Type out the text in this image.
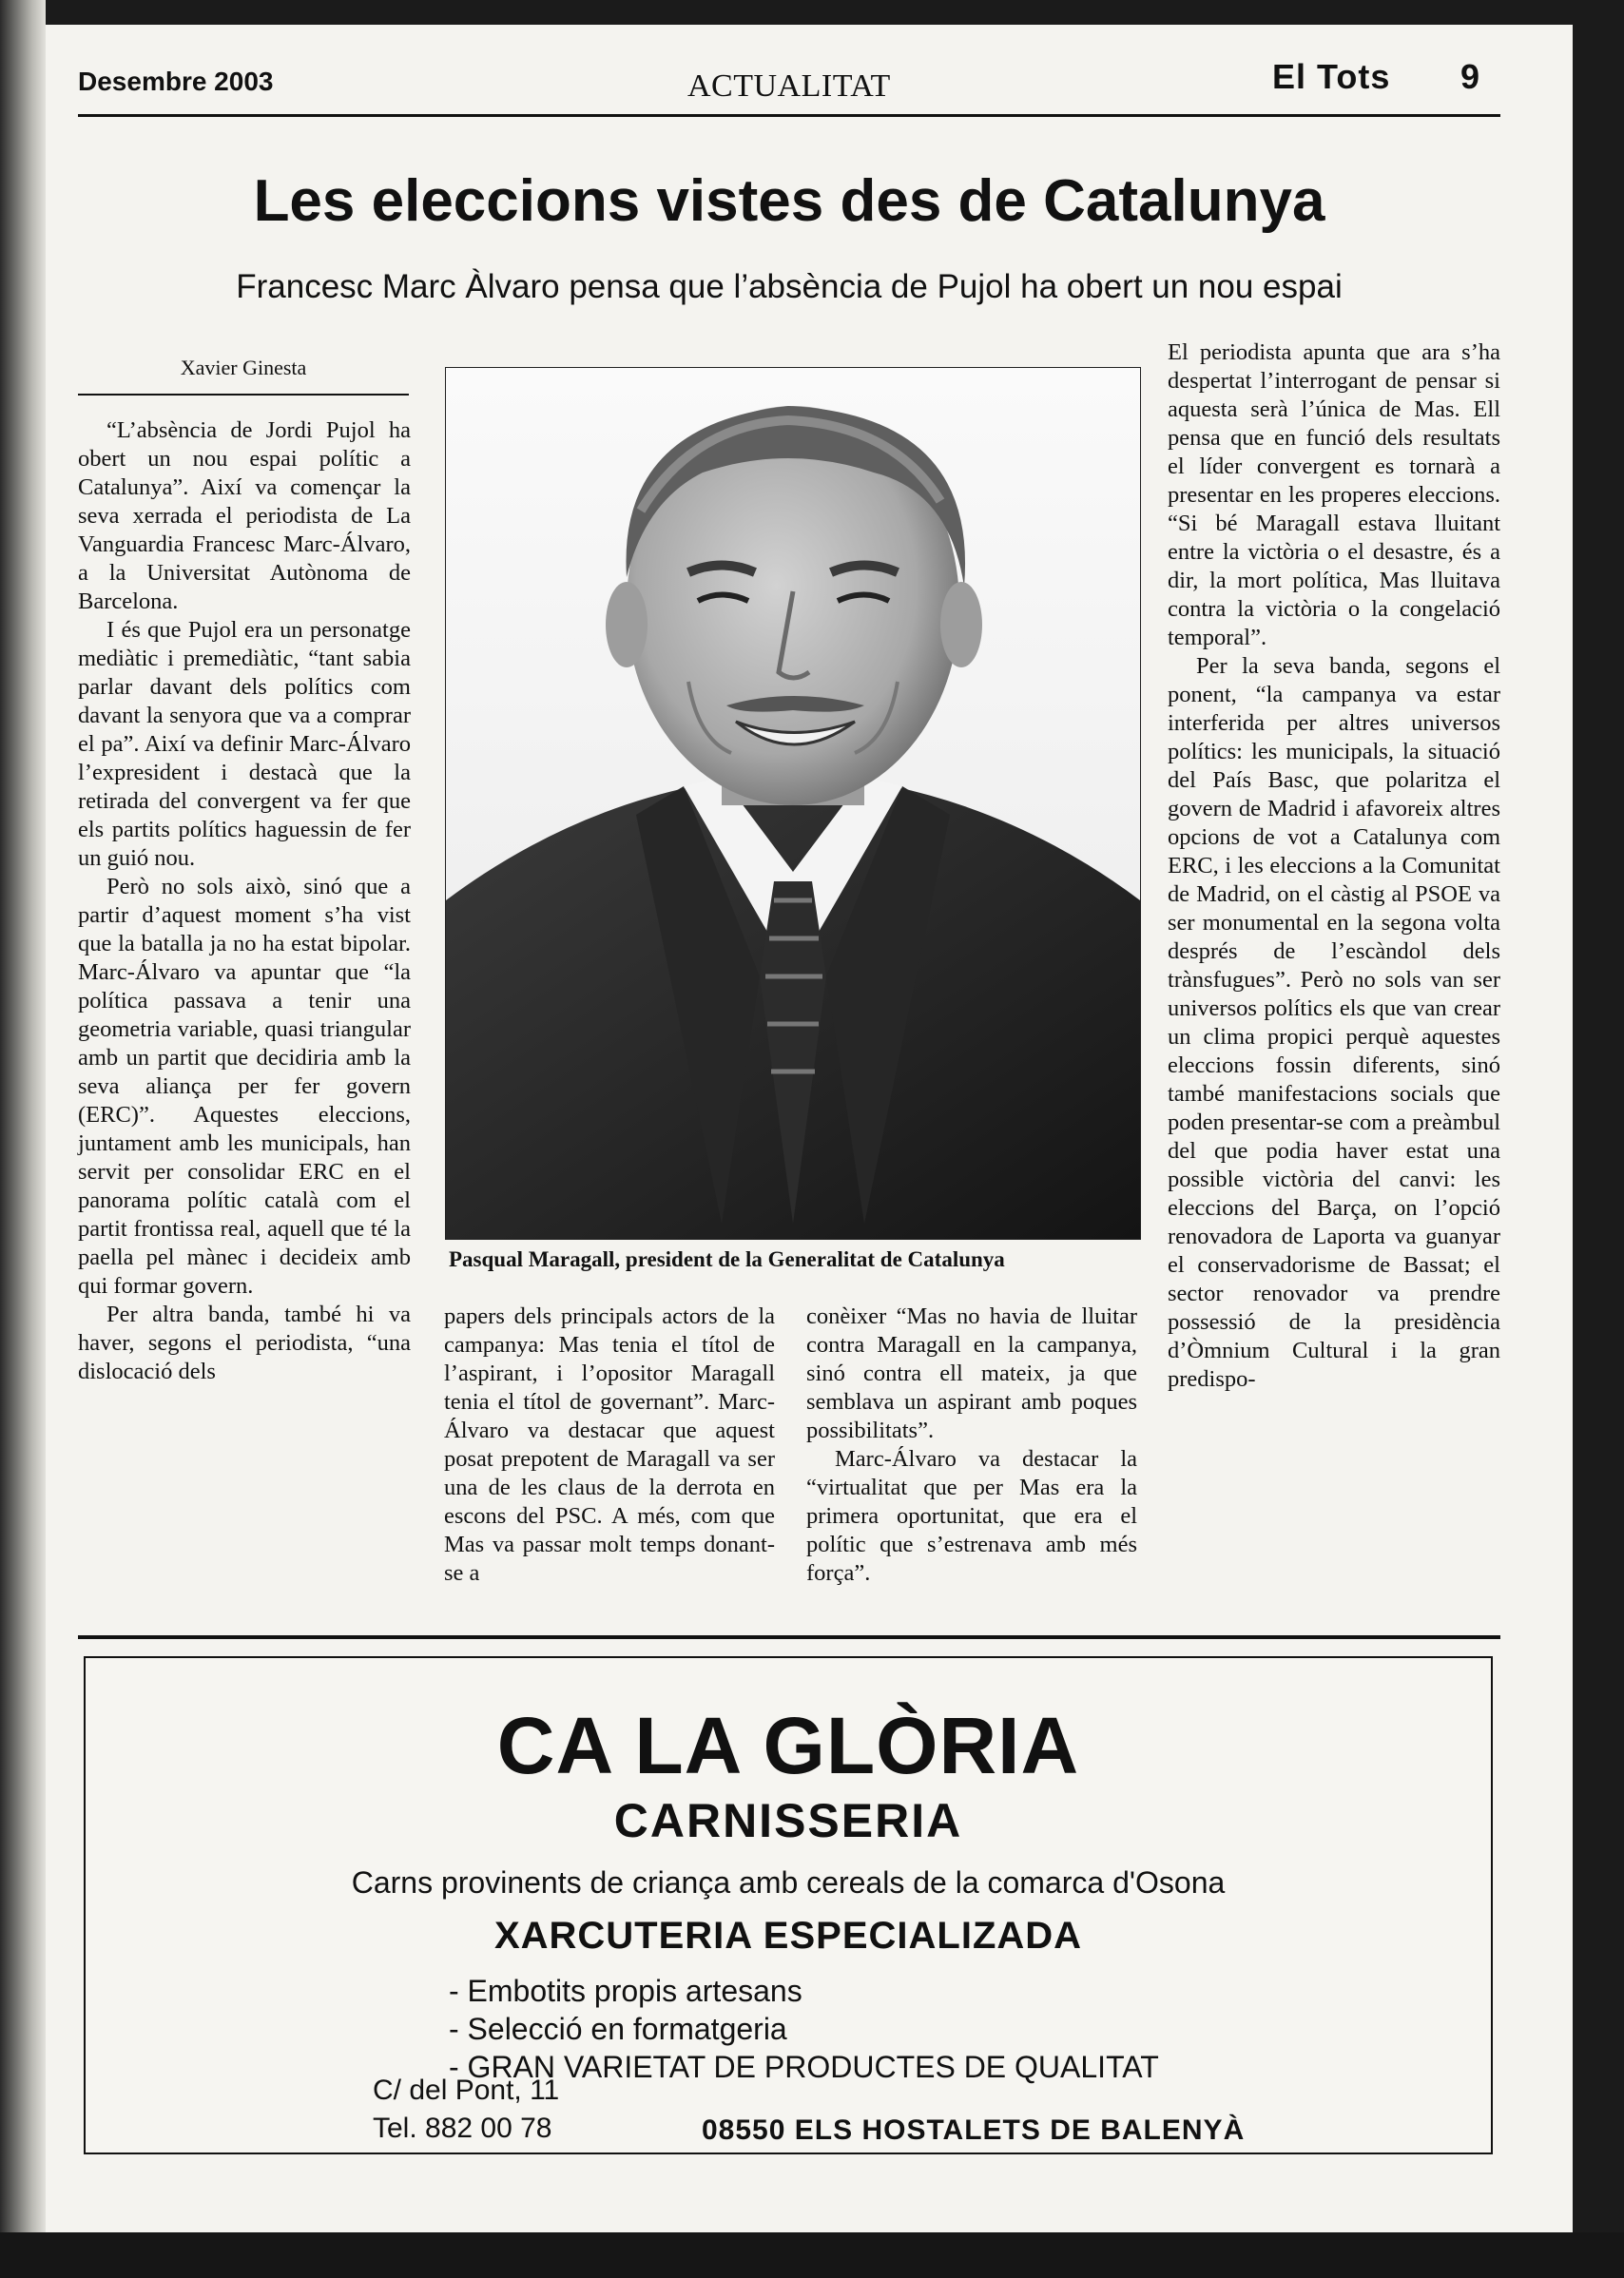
Desembre 2003	ACTUALITAT	El Tots 9
Les eleccions vistes des de Catalunya
Francesc Marc Àlvaro pensa que l’absència de Pujol ha obert un nou espai
Xavier Ginesta

“L’absència de Jordi Pujol ha obert un nou espai polític a Catalunya”. Així va començar la seva xerrada el periodista de La Vanguardia Francesc Marc-Álvaro, a la Universitat Autònoma de Barcelona.

I és que Pujol era un personatge mediàtic i premediàtic, “tant sabia parlar davant dels polítics com davant la senyora que va a comprar el pa”. Així va definir Marc-Álvaro l’expresident i destacà que la retirada del convergent va fer que els partits polítics haguessin de fer un guió nou.

Però no sols això, sinó que a partir d’aquest moment s’ha vist que la batalla ja no ha estat bipolar. Marc-Álvaro va apuntar que “la política passava a tenir una geometria variable, quasi triangular amb un partit que decidiria amb la seva aliança per fer govern (ERC)”. Aquestes eleccions, juntament amb les municipals, han servit per consolidar ERC en el panorama polític català com el partit frontissa real, aquell que té la paella pel mànec i decideix amb qui formar govern.

Per altra banda, també hi va haver, segons el periodista, “una dislocació dels

Pasqual Maragall, president de la Generalitat de Catalunya

papers dels principals actors de la campanya: Mas tenia el títol de l’aspirant, i l’opositor Maragall tenia el títol de governant”. Marc-Álvaro va destacar que aquest posat prepotent de Maragall va ser una de les claus de la derrota en escons del PSC. A més, com que Mas va passar molt temps donant-se a

conèixer “Mas no havia de lluitar contra Maragall en la campanya, sinó contra ell mateix, ja que semblava un aspirant amb poques possibilitats”.

Marc-Álvaro va destacar la “virtualitat que per Mas era la primera oportunitat, que era el polític que s’estrenava amb més força”.

El periodista apunta que ara s’ha despertat l’interrogant de pensar si aquesta serà l’única de Mas. Ell pensa que en funció dels resultats el líder convergent es tornarà a presentar en les properes eleccions. “Si bé Maragall estava lluitant entre la victòria o el desastre, és a dir, la mort política, Mas lluitava contra la victòria o la congelació temporal”.

Per la seva banda, segons el ponent, “la campanya va estar interferida per altres universos polítics: les municipals, la situació del País Basc, que polaritza el govern de Madrid i afavoreix altres opcions de vot a Catalunya com ERC, i les eleccions a la Comunitat de Madrid, on el càstig al PSOE va ser monumental en la segona volta després de l’escàndol dels trànsfugues”. Però no sols van ser universos polítics els que van crear un clima propici perquè aquestes eleccions fossin diferents, sinó també manifestacions socials que poden presentar-se com a preàmbul del que podia haver estat una possible victòria del canvi: les eleccions del Barça, on l’opció renovadora de Laporta va guanyar el conservadorisme de Bassat; el sector renovador va prendre possessió de la presidència d’Òmnium Cultural i la gran predispo-

CA LA GLÒRIA
CARNISSERIA
Carns provinents de criança amb cereals de la comarca d'Osona
XARCUTERIA ESPECIALIZADA
- Embotits propis artesans
- Selecció en formatgeria
- GRAN VARIETAT DE PRODUCTES DE QUALITAT
C/ del Pont, 11
Tel. 882 00 78	08550 ELS HOSTALETS DE BALENYÀ
